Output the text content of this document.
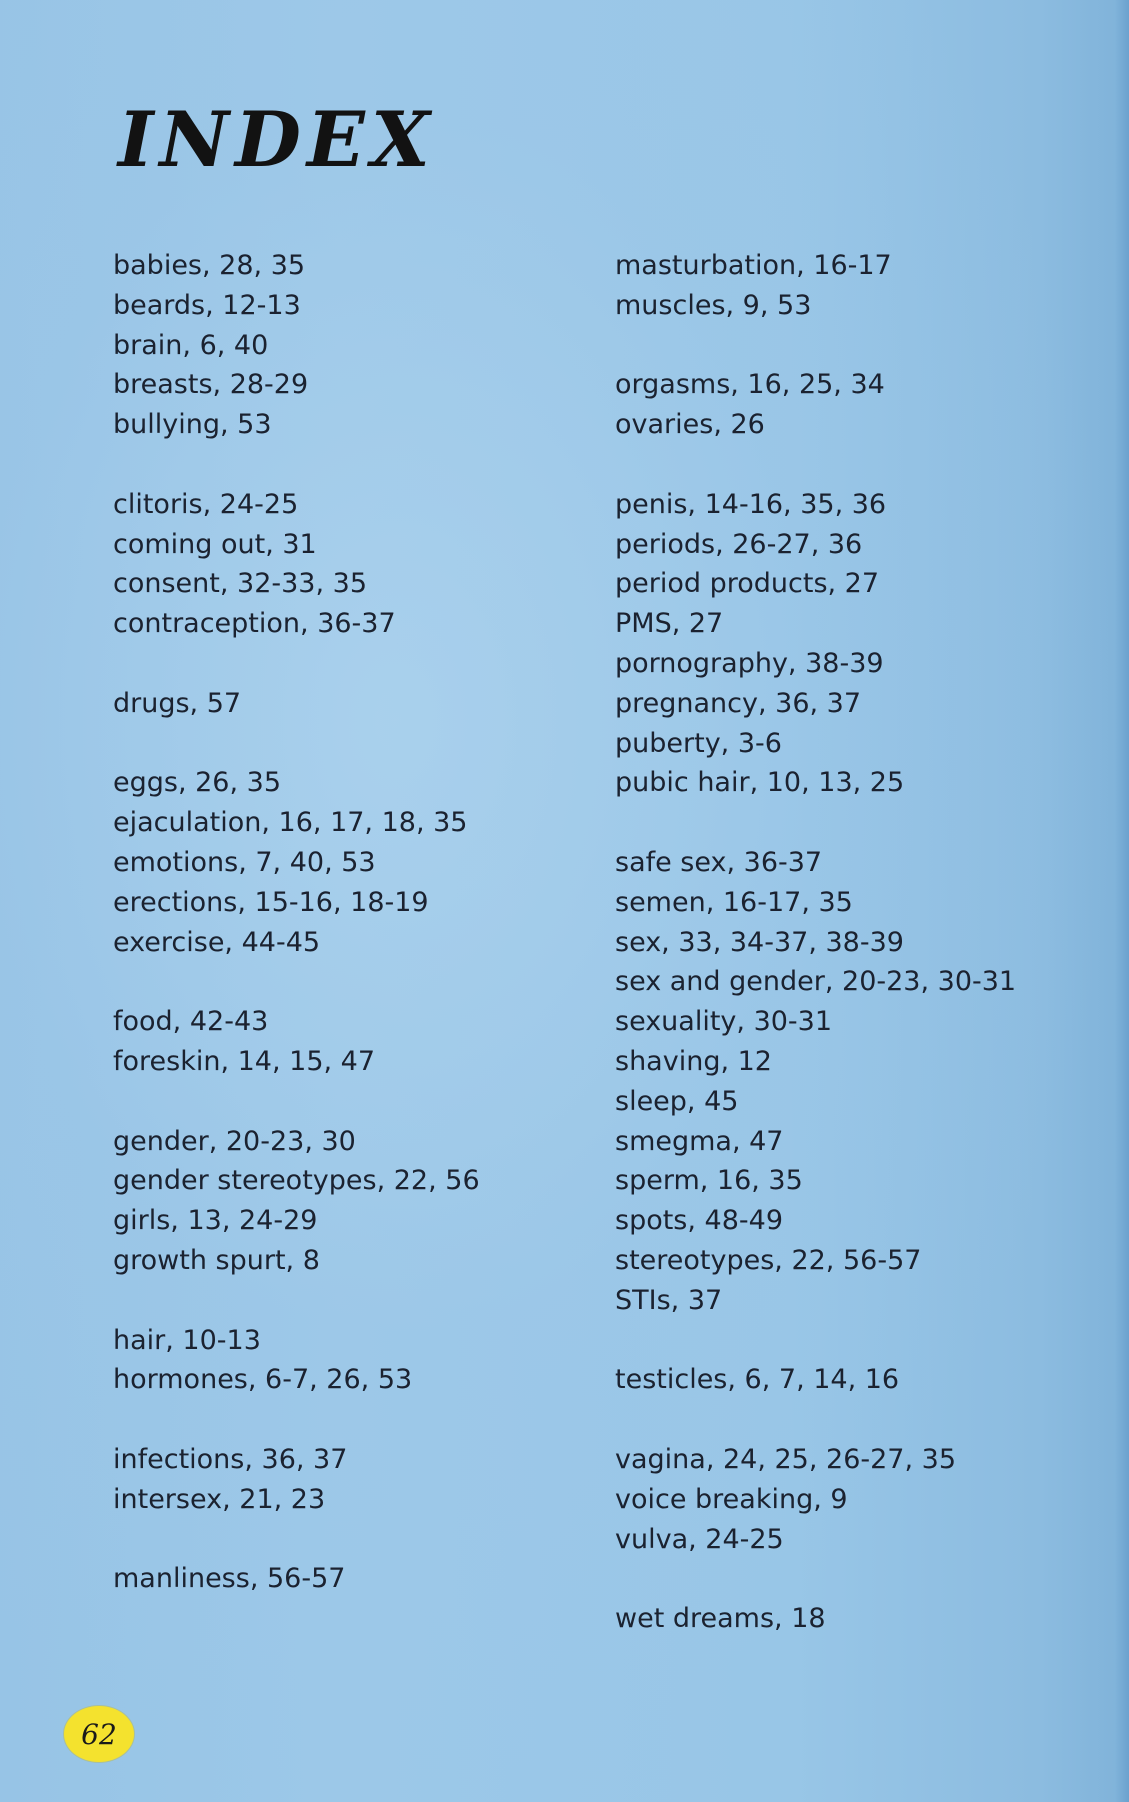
INDEX
babies, 28, 35
beards, 12-13
brain, 6, 40
breasts, 28-29
bullying, 53
clitoris, 24-25
coming out, 31
consent, 32-33, 35
contraception, 36-37
drugs, 57
eggs, 26, 35
ejaculation, 16, 17, 18, 35
emotions, 7, 40, 53
erections, 15-16, 18-19
exercise, 44-45
food, 42-43
foreskin, 14, 15, 47
gender, 20-23, 30
gender stereotypes, 22, 56
girls, 13, 24-29
growth spurt, 8
hair, 10-13
hormones, 6-7, 26, 53
infections, 36, 37
intersex, 21, 23
manliness, 56-57
masturbation, 16-17
muscles, 9, 53
orgasms, 16, 25, 34
ovaries, 26
penis, 14-16, 35, 36
periods, 26-27, 36
period products, 27
PMS, 27
pornography, 38-39
pregnancy, 36, 37
puberty, 3-6
pubic hair, 10, 13, 25
safe sex, 36-37
semen, 16-17, 35
sex, 33, 34-37, 38-39
sex and gender, 20-23, 30-31
sexuality, 30-31
shaving, 12
sleep, 45
smegma, 47
sperm, 16, 35
spots, 48-49
stereotypes, 22, 56-57
STIs, 37
testicles, 6, 7, 14, 16
vagina, 24, 25, 26-27, 35
voice breaking, 9
vulva, 24-25
wet dreams, 18
62
